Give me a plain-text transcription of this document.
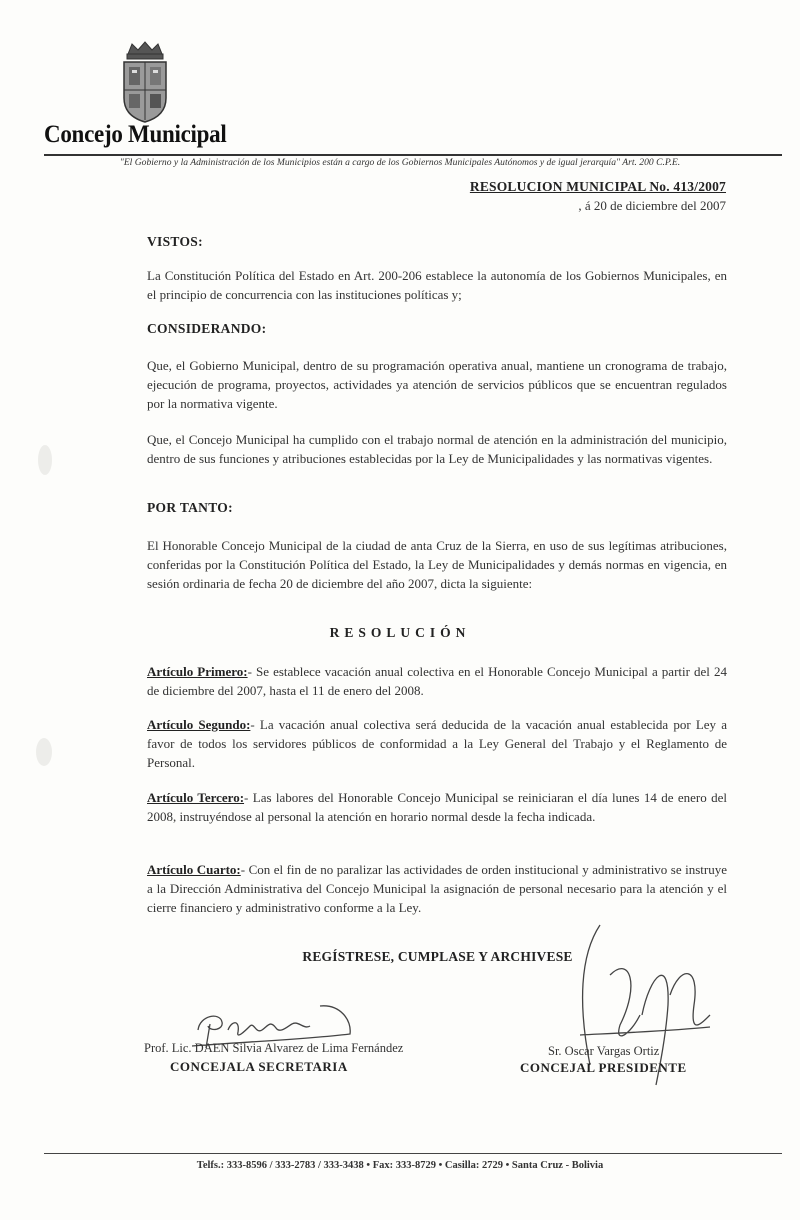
Concejo Municipal
"El Gobierno y la Administración de los Municipios están a cargo de los Gobiernos Municipales Autónomos y de igual jerarquía" Art. 200 C.P.E.
RESOLUCION MUNICIPAL No. 413/2007
, á 20 de diciembre del 2007
VISTOS:
La Constitución Política del Estado en Art. 200-206 establece la autonomía de los Gobiernos Municipales, en el principio de concurrencia con las instituciones políticas y;
CONSIDERANDO:
Que, el Gobierno Municipal, dentro de su programación operativa anual, mantiene un cronograma de trabajo, ejecución de programa, proyectos, actividades ya atención de servicios públicos que se encuentran regulados por la normativa vigente.
Que, el Concejo Municipal ha cumplido con el trabajo normal de atención en la administración del municipio, dentro de sus funciones y atribuciones establecidas por la Ley de Municipalidades y las normativas vigentes.
POR TANTO:
El Honorable Concejo Municipal de la ciudad de anta Cruz de la Sierra, en uso de sus legítimas atribuciones, conferidas por la Constitución Política del Estado, la Ley de Municipalidades y demás normas en vigencia, en sesión ordinaria de fecha 20 de diciembre del año 2007, dicta la siguiente:
RESOLUCIÓN
Artículo Primero:- Se establece vacación anual colectiva en el Honorable Concejo Municipal a partir del 24 de diciembre del 2007, hasta el 11 de enero del 2008.
Artículo Segundo:- La vacación anual colectiva será deducida de la vacación anual establecida por Ley a favor de todos los servidores públicos de conformidad a la Ley General del Trabajo y el Reglamento de Personal.
Artículo Tercero:- Las labores del Honorable Concejo Municipal se reiniciaran el día lunes 14 de enero del 2008, instruyéndose al personal la atención en horario normal desde la fecha indicada.
Artículo Cuarto:- Con el fin de no paralizar las actividades de orden institucional y administrativo se instruye a la Dirección Administrativa del Concejo Municipal la asignación de personal necesario para la atención y el cierre financiero y administrativo conforme a la Ley.
REGÍSTRESE, CUMPLASE Y ARCHIVESE
Prof. Lic. DAEN Silvia Alvarez de Lima Fernández
CONCEJALA SECRETARIA
Sr. Oscar Vargas Ortiz
CONCEJAL PRESIDENTE
Telfs.: 333-8596 / 333-2783 / 333-3438 • Fax: 333-8729 • Casilla: 2729 • Santa Cruz - Bolivia
